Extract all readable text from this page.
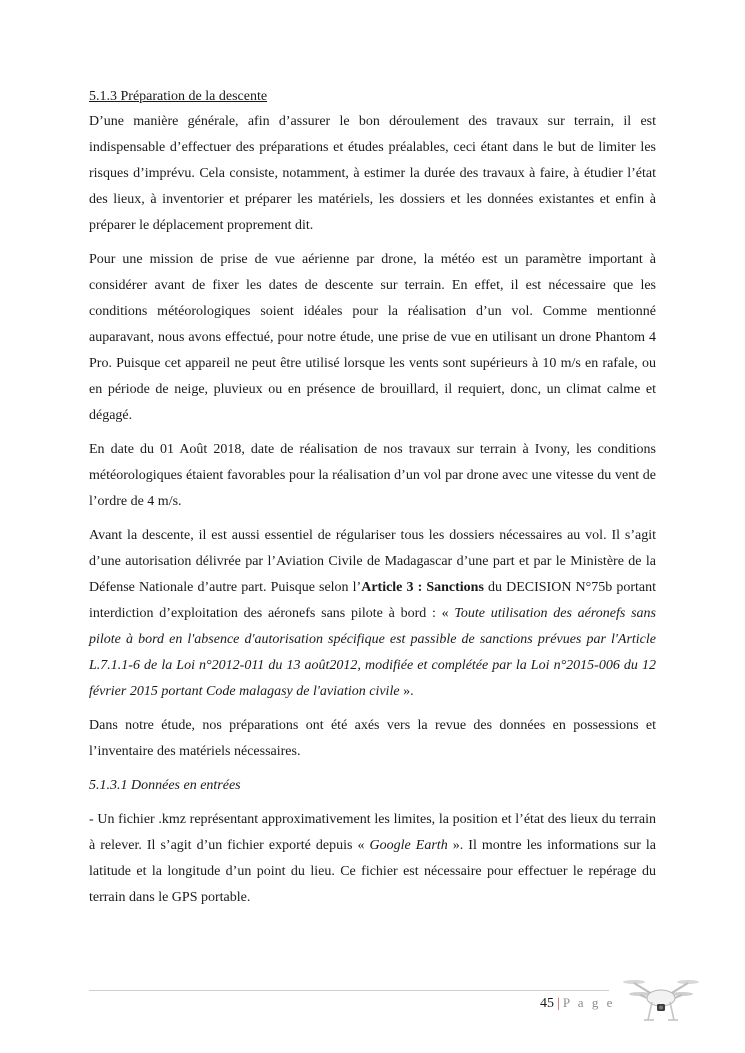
5.1.3 Préparation de la descente

D’une manière générale, afin d’assurer le bon déroulement des travaux sur terrain, il est indispensable d’effectuer des préparations et études préalables, ceci étant dans le but de limiter les risques d’imprévu. Cela consiste, notamment, à estimer la durée des travaux à faire, à étudier l’état des lieux, à inventorier et préparer les matériels, les dossiers et les données existantes et enfin à préparer le déplacement proprement dit.

Pour une mission de prise de vue aérienne par drone, la météo est un paramètre important à considérer avant de fixer les dates de descente sur terrain. En effet, il est nécessaire que les conditions météorologiques soient idéales pour la réalisation d’un vol. Comme mentionné auparavant, nous avons effectué, pour notre étude, une prise de vue en utilisant un drone Phantom 4 Pro. Puisque cet appareil ne peut être utilisé lorsque les vents sont supérieurs à 10 m/s en rafale, ou en période de neige, pluvieux ou en présence de brouillard, il requiert, donc, un climat calme et dégagé.

En date du 01 Août 2018, date de réalisation de nos travaux sur terrain à Ivony, les conditions météorologiques étaient favorables pour la réalisation d’un vol par drone avec une vitesse du vent de l’ordre de 4 m/s.

Avant la descente, il est aussi essentiel de régulariser tous les dossiers nécessaires au vol. Il s’agit d’une autorisation délivrée par l’Aviation Civile de Madagascar d’une part et par le Ministère de la Défense Nationale d’autre part. Puisque selon l’Article 3 : Sanctions du DECISION N°75b portant interdiction d’exploitation des aéronefs sans pilote à bord : « Toute utilisation des aéronefs sans pilote à bord en l'absence d'autorisation spécifique est passible de sanctions prévues par l'Article L.7.1.1-6 de la Loi n°2012-011 du 13 août2012, modifiée et complétée par la Loi n°2015-006 du 12 février 2015 portant Code malagasy de l'aviation civile ».

Dans notre étude, nos préparations ont été axés vers la revue des données en possessions et l’inventaire des matériels nécessaires.

5.1.3.1 Données en entrées

- Un fichier .kmz représentant approximativement les limites, la position et l’état des lieux du terrain à relever. Il s’agit d’un fichier exporté depuis « Google Earth ». Il montre les informations sur la latitude et la longitude d’un point du lieu. Ce fichier est nécessaire pour effectuer le repérage du terrain dans le GPS portable.

45 | P a g e
